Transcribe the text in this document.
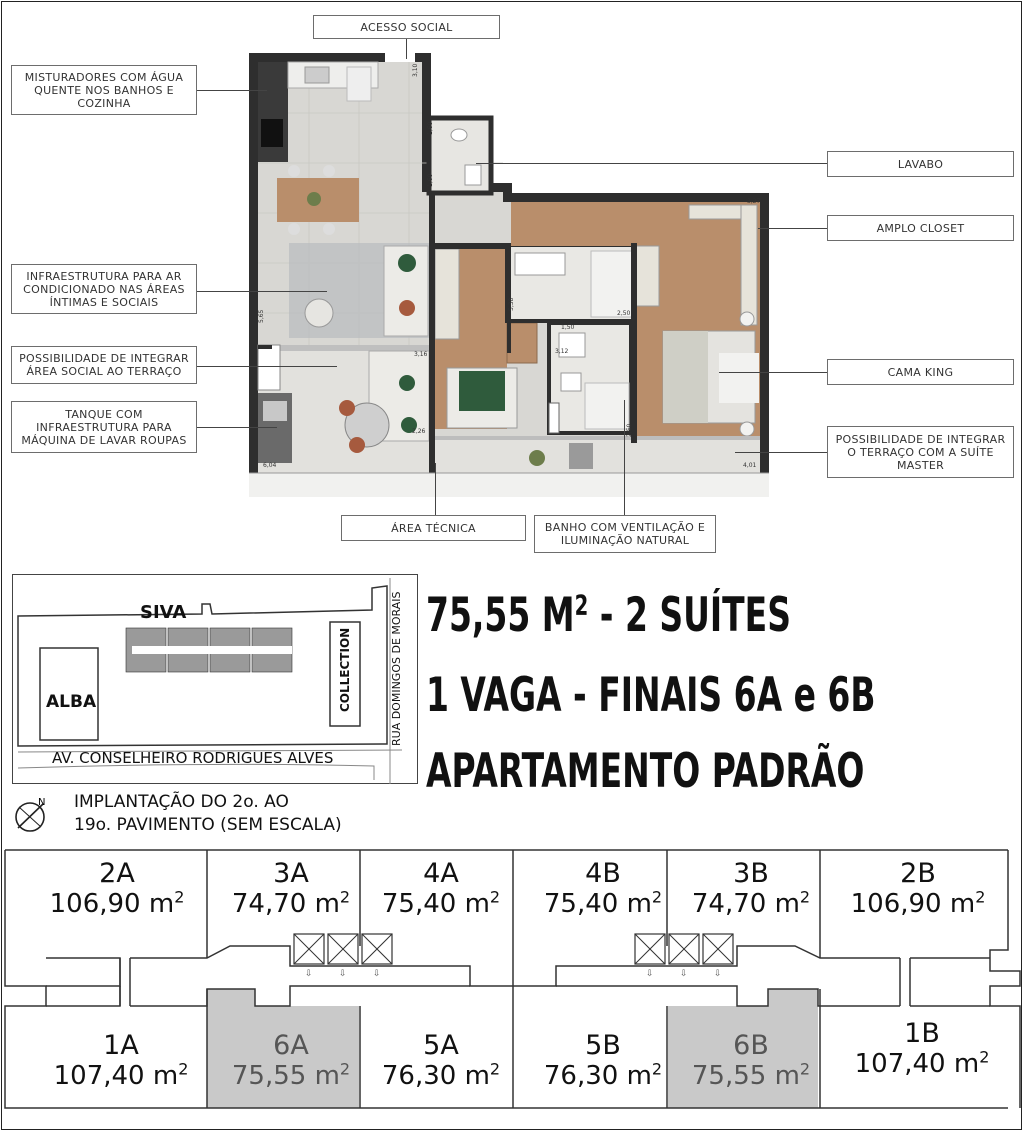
3,10
1,60
3,27
5,38
2,50
3,16
1,50
2,26
3,12
2,50
6,04	4,01
5,65
1,60
ACESSO SOCIAL
MISTURADORES COM ÁGUA QUENTE NOS BANHOS E COZINHA
LAVABO
AMPLO CLOSET
INFRAESTRUTURA PARA AR CONDICIONADO NAS ÁREAS ÍNTIMAS E SOCIAIS
POSSIBILIDADE DE INTEGRAR ÁREA SOCIAL AO TERRAÇO	CAMA KING
TANQUE COM INFRAESTRUTURA PARA MÁQUINA DE LAVAR ROUPAS	POSSIBILIDADE DE INTEGRAR O TERRAÇO COM A SUÍTE MASTER
ÁREA TÉCNICA	BANHO COM VENTILAÇÃO E ILUMINAÇÃO NATURAL
SIVA
ALBA	COLLECTION	RUA DOMINGOS DE MORAIS
AV. CONSELHEIRO RODRIGUES ALVES
N IMPLANTAÇÃO DO 2o. AO
19o. PAVIMENTO (SEM ESCALA)
75,55 $M^2 - 2$ SUÍTES
1 VAGA - FINAIS 6A e 6B
APARTAMENTO PADRÃO
⇩	⇩	⇩	⇩	⇩	⇩
2A
106,90 $m^2$
3A
74,70 $m^2$
4A
75,40 $m^2$
4B
75,40 $m^2$
3B
74,70 $m^2$
2B
106,90 $m^2$
1A
107,40 $m^2$
6A
75,55 $m^2$
5A
76,30 $m^2$
5B
76,30 $m^2$
6B
75,55 $m^2$
1B
107,40 $m^2$
